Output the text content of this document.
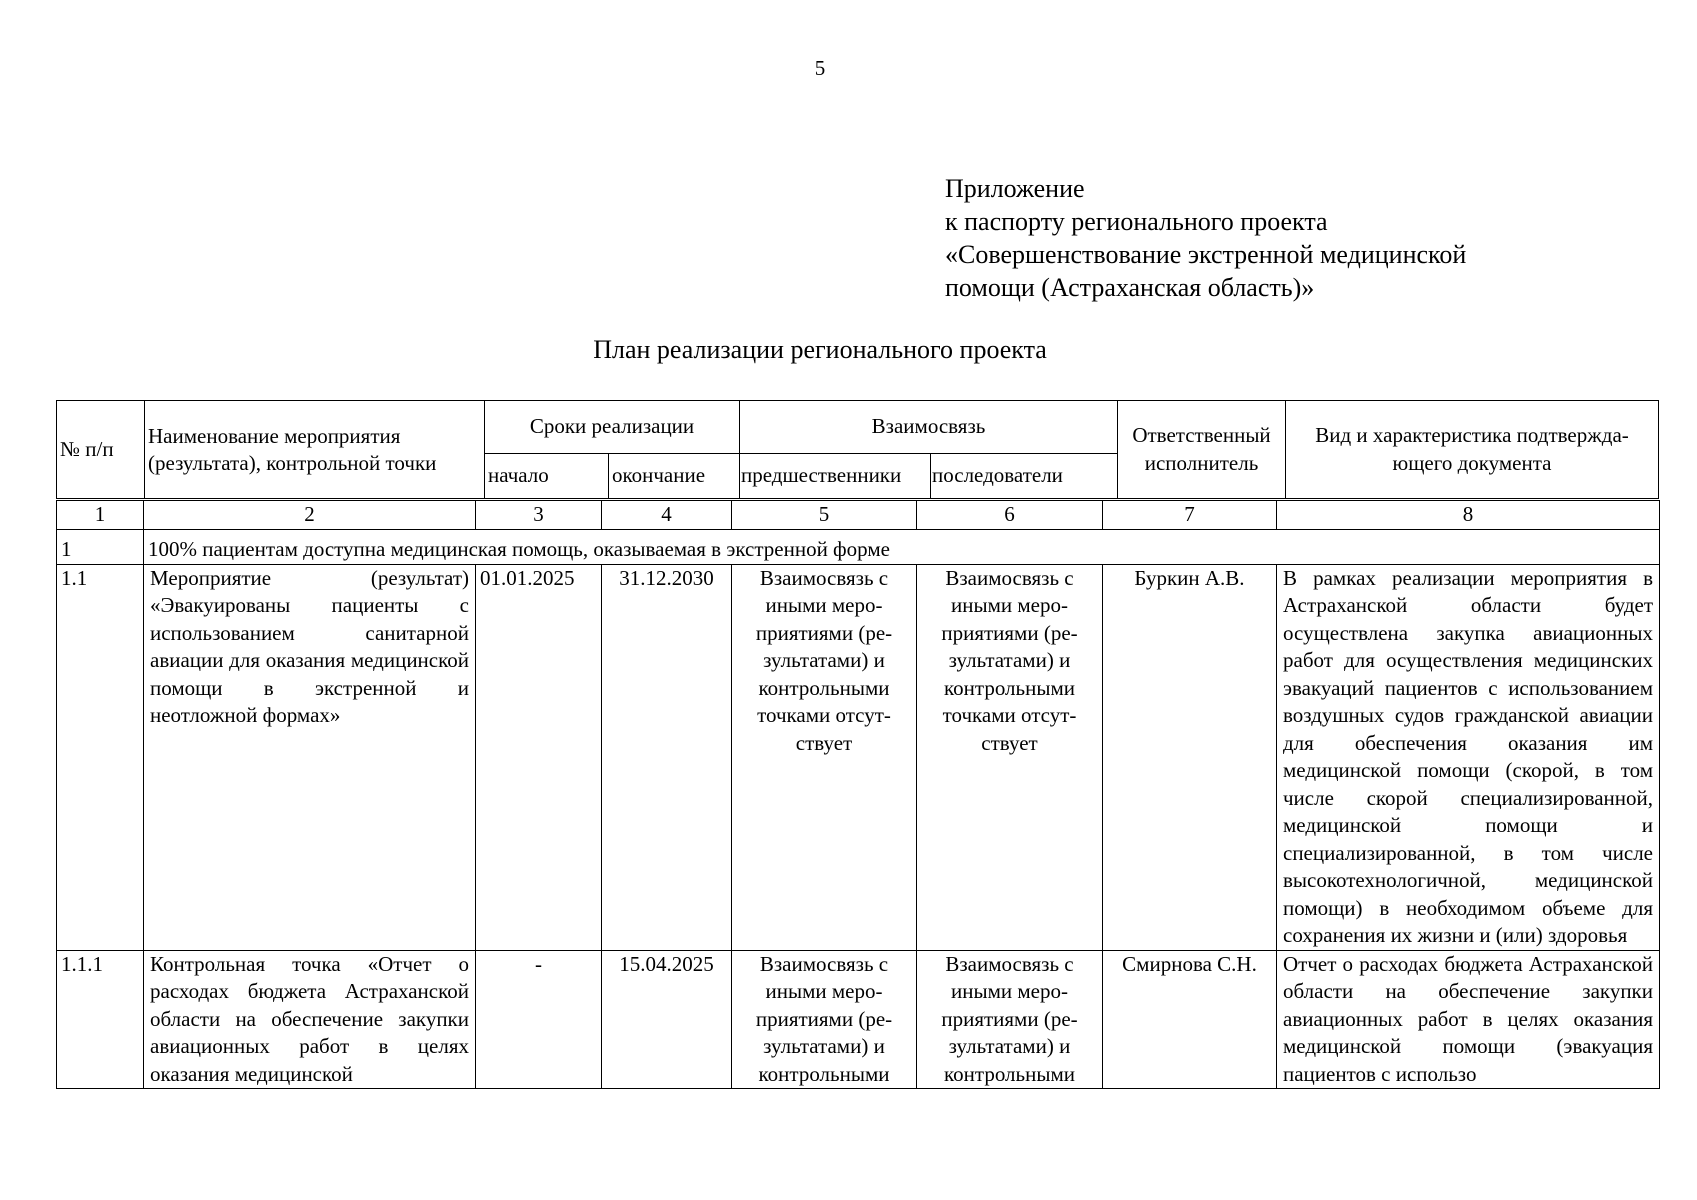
5
Приложение
к паспорту регионального проекта
«Совершенствование экстренной медицинской
помощи (Астраханская область)»
План реализации регионального проекта
№ п/п	Наименование мероприятия (результата), контрольной точки	Сроки реализации		Взаимосвязь		Ответственный исполнитель	Вид и характеристика подтверждающего документа
		начало	окончание	предшественники	последователи		
1	2	3	4	5	6	7	8
1	100% пациентам доступна медицинская помощь, оказываемая в экстренной форме						
1.1	Мероприятие (результат) «Эвакуированы пациенты с использованием санитарной авиации для оказания медицинской помощи в экстренной и неотложной формах»	01.01.2025	31.12.2030	Взаимосвязь с иными мероприятиями (результатами) и контрольными точками отсутствует	Взаимосвязь с иными мероприятиями (результатами) и контрольными точками отсутствует	Буркин А.В.	В рамках реализации мероприятия в Астраханской области будет осуществлена закупка авиационных работ для осуществления медицинских эвакуаций пациентов с использованием воздушных судов гражданской авиации для обеспечения оказания им медицинской помощи (скорой, в том числе скорой специализированной, медицинской помощи и специализированной, в том числе высокотехнологичной, медицинской помощи) в необходимом объеме для сохранения их жизни и (или) здоровья

1.1.1	Контрольная точка «Отчет о расходах бюджета Астраханской области на обеспечение закупки авиационных работ в целях оказания медицинской	-	15.04.2025	Взаимосвязь с иными мероприятиями (результатами) и контрольными	Взаимосвязь с иными мероприятиями (результатами) и контрольными	Смирнова С.Н.	Отчет о расходах бюджета Астраханской области на обеспечение закупки авиационных работ в целях оказания медицинской помощи (эвакуация пациентов с использо
